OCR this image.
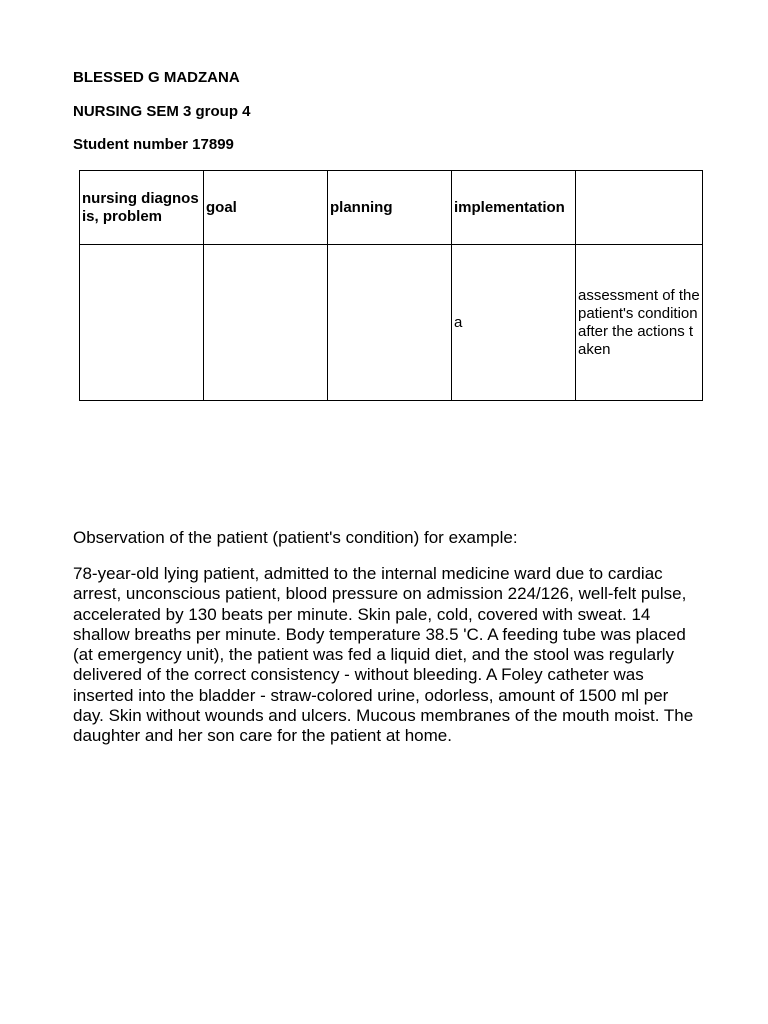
BLESSED G MADZANA
NURSING SEM 3 group 4
Student number 17899
nursing diagnosis, problem	goal	planning	implementation	
			a	assessment of the patient's condition after the actions taken
Observation of the patient (patient's condition) for example:
78-year-old lying patient, admitted to the internal medicine ward due to cardiac arrest, unconscious patient, blood pressure on admission 224/126, well-felt pulse, accelerated by 130 beats per minute. Skin pale, cold, covered with sweat. 14 shallow breaths per minute. Body temperature 38.5 'C. A feeding tube was placed (at emergency unit), the patient was fed a liquid diet, and the stool was regularly delivered of the correct consistency - without bleeding. A Foley catheter was inserted into the bladder - straw-colored urine, odorless, amount of 1500 ml per day. Skin without wounds and ulcers. Mucous membranes of the mouth moist. The daughter and her son care for the patient at home.
